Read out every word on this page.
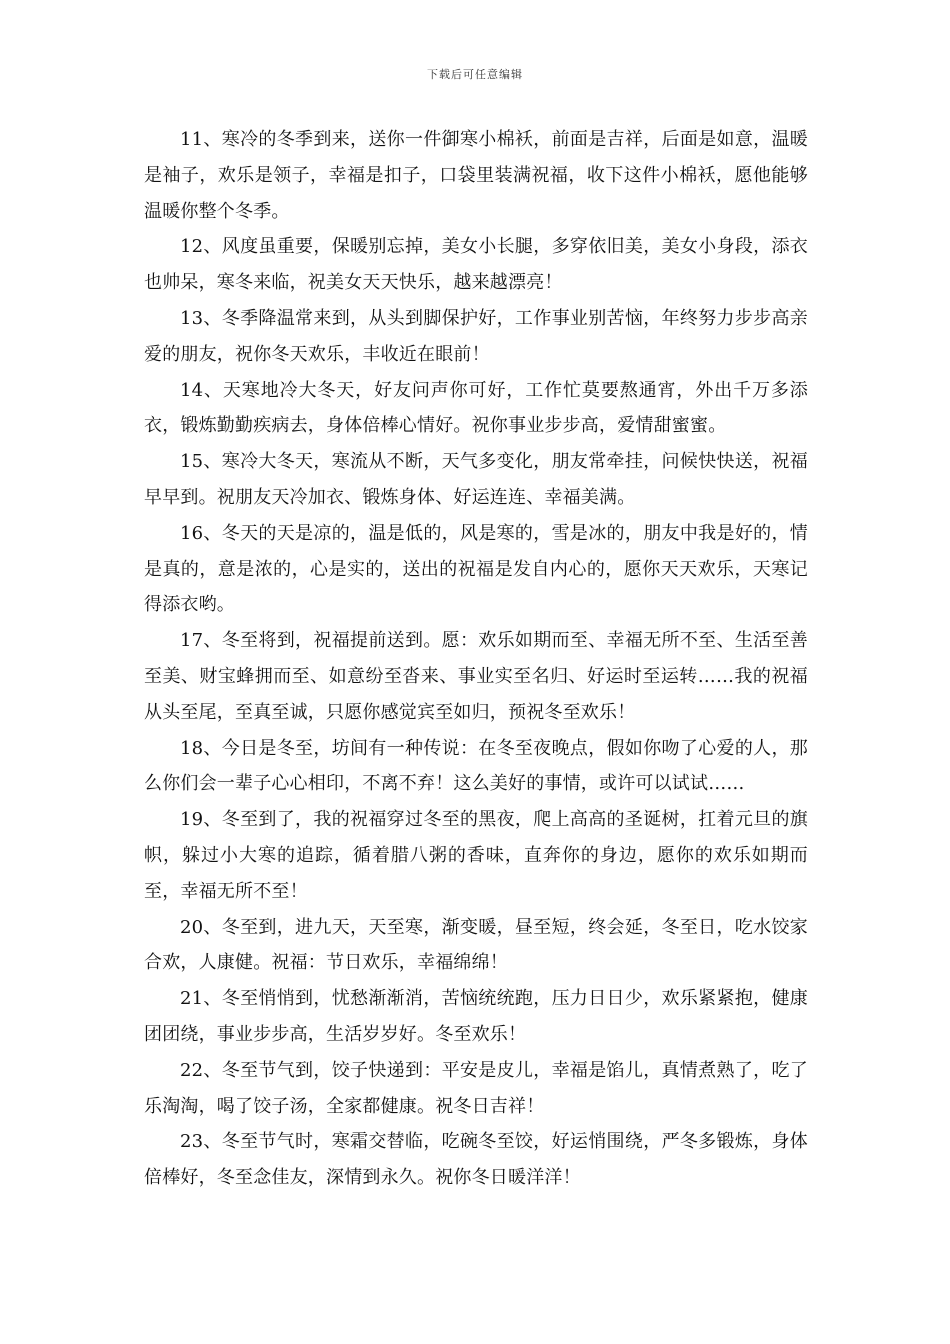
下载后可任意编辑

11、寒冷的冬季到来，送你一件御寒小棉袄，前面是吉祥，后面是如意，温暖是袖子，欢乐是领子，幸福是扣子，口袋里装满祝福，收下这件小棉袄，愿他能够温暖你整个冬季。

12、风度虽重要，保暖别忘掉，美女小长腿，多穿依旧美，美女小身段，添衣也帅呆，寒冬来临，祝美女天天快乐，越来越漂亮！

13、冬季降温常来到，从头到脚保护好，工作事业别苦恼，年终努力步步高亲爱的朋友，祝你冬天欢乐，丰收近在眼前！

14、天寒地冷大冬天，好友问声你可好，工作忙莫要熬通宵，外出千万多添衣，锻炼勤勤疾病去，身体倍棒心情好。祝你事业步步高，爱情甜蜜蜜。

15、寒冷大冬天，寒流从不断，天气多变化，朋友常牵挂，问候快快送，祝福早早到。祝朋友天冷加衣、锻炼身体、好运连连、幸福美满。

16、冬天的天是凉的，温是低的，风是寒的，雪是冰的，朋友中我是好的，情是真的，意是浓的，心是实的，送出的祝福是发自内心的，愿你天天欢乐，天寒记得添衣哟。

17、冬至将到，祝福提前送到。愿：欢乐如期而至、幸福无所不至、生活至善至美、财宝蜂拥而至、如意纷至沓来、事业实至名归、好运时至运转……我的祝福从头至尾，至真至诚，只愿你感觉宾至如归，预祝冬至欢乐！

18、今日是冬至，坊间有一种传说：在冬至夜晚点，假如你吻了心爱的人，那么你们会一辈子心心相印，不离不弃！这么美好的事情，或许可以试试……

19、冬至到了，我的祝福穿过冬至的黑夜，爬上高高的圣诞树，扛着元旦的旗帜，躲过小大寒的追踪，循着腊八粥的香味，直奔你的身边，愿你的欢乐如期而至，幸福无所不至！

20、冬至到，进九天，天至寒，渐变暖，昼至短，终会延，冬至日，吃水饺家合欢，人康健。祝福：节日欢乐，幸福绵绵！

21、冬至悄悄到，忧愁渐渐消，苦恼统统跑，压力日日少，欢乐紧紧抱，健康团团绕，事业步步高，生活岁岁好。冬至欢乐！

22、冬至节气到，饺子快递到：平安是皮儿，幸福是馅儿，真情煮熟了，吃了乐淘淘，喝了饺子汤，全家都健康。祝冬日吉祥！

23、冬至节气时，寒霜交替临，吃碗冬至饺，好运悄围绕，严冬多锻炼，身体倍棒好，冬至念佳友，深情到永久。祝你冬日暖洋洋！
